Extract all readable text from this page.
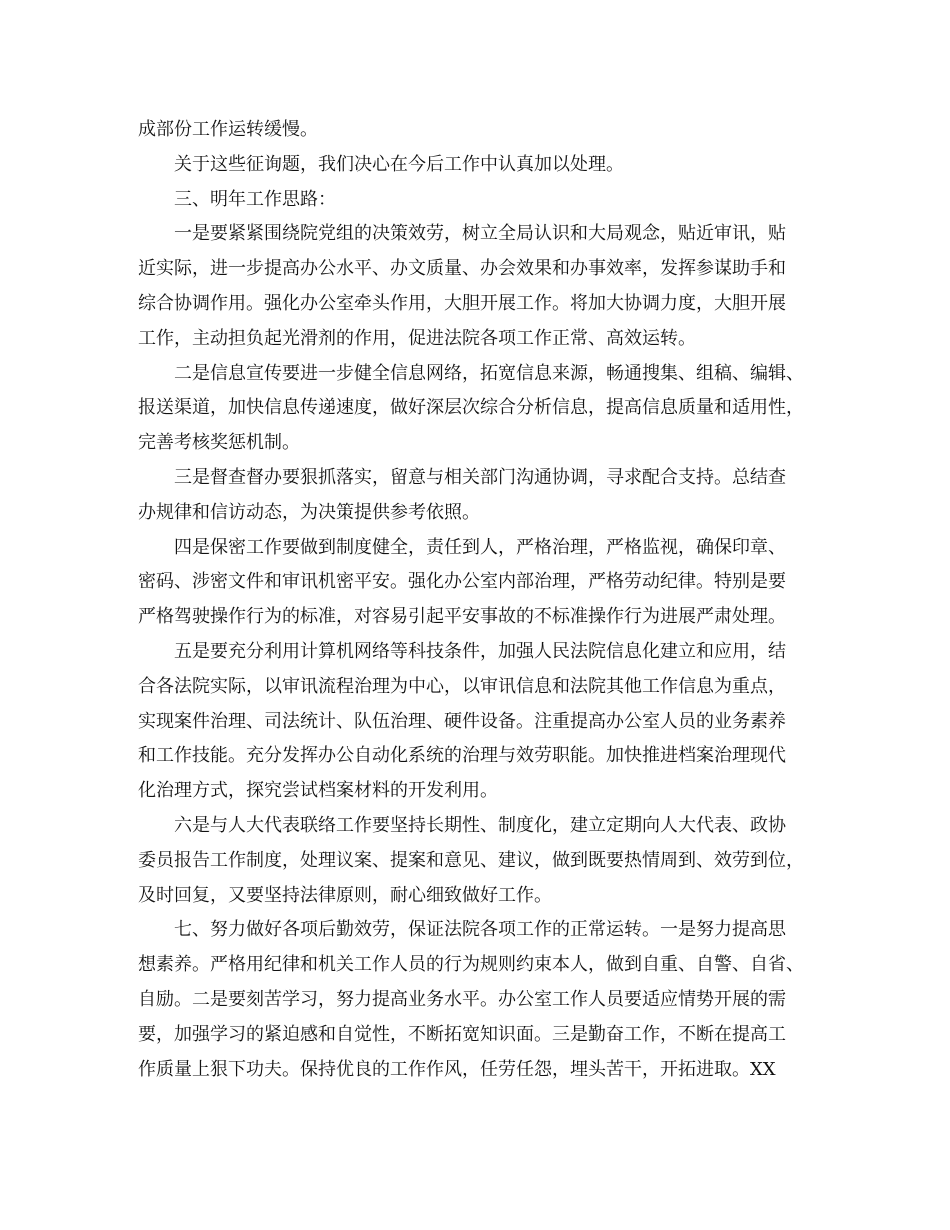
成部份工作运转缓慢。
　　关于这些征询题，我们决心在今后工作中认真加以处理。
　　三、明年工作思路：
　　一是要紧紧围绕院党组的决策效劳，树立全局认识和大局观念，贴近审讯，贴
近实际，进一步提高办公水平、办文质量、办会效果和办事效率，发挥参谋助手和
综合协调作用。强化办公室牵头作用，大胆开展工作。将加大协调力度，大胆开展
工作，主动担负起光滑剂的作用，促进法院各项工作正常、高效运转。
　　二是信息宣传要进一步健全信息网络，拓宽信息来源，畅通搜集、组稿、编辑、
报送渠道，加快信息传递速度，做好深层次综合分析信息，提高信息质量和适用性，
完善考核奖惩机制。
　　三是督查督办要狠抓落实，留意与相关部门沟通协调，寻求配合支持。总结查
办规律和信访动态，为决策提供参考依照。
　　四是保密工作要做到制度健全，责任到人，严格治理，严格监视，确保印章、
密码、涉密文件和审讯机密平安。强化办公室内部治理，严格劳动纪律。特别是要
严格驾驶操作行为的标准，对容易引起平安事故的不标准操作行为进展严肃处理。
　　五是要充分利用计算机网络等科技条件，加强人民法院信息化建立和应用，结
合各法院实际，以审讯流程治理为中心，以审讯信息和法院其他工作信息为重点，
实现案件治理、司法统计、队伍治理、硬件设备。注重提高办公室人员的业务素养
和工作技能。充分发挥办公自动化系统的治理与效劳职能。加快推进档案治理现代
化治理方式，探究尝试档案材料的开发利用。
　　六是与人大代表联络工作要坚持长期性、制度化，建立定期向人大代表、政协
委员报告工作制度，处理议案、提案和意见、建议，做到既要热情周到、效劳到位，
及时回复，又要坚持法律原则，耐心细致做好工作。
　　七、努力做好各项后勤效劳，保证法院各项工作的正常运转。一是努力提高思
想素养。严格用纪律和机关工作人员的行为规则约束本人，做到自重、自警、自省、
自励。二是要刻苦学习，努力提高业务水平。办公室工作人员要适应情势开展的需
要，加强学习的紧迫感和自觉性，不断拓宽知识面。三是勤奋工作，不断在提高工
作质量上狠下功夫。保持优良的工作作风，任劳任怨，埋头苦干，开拓进取。XX
